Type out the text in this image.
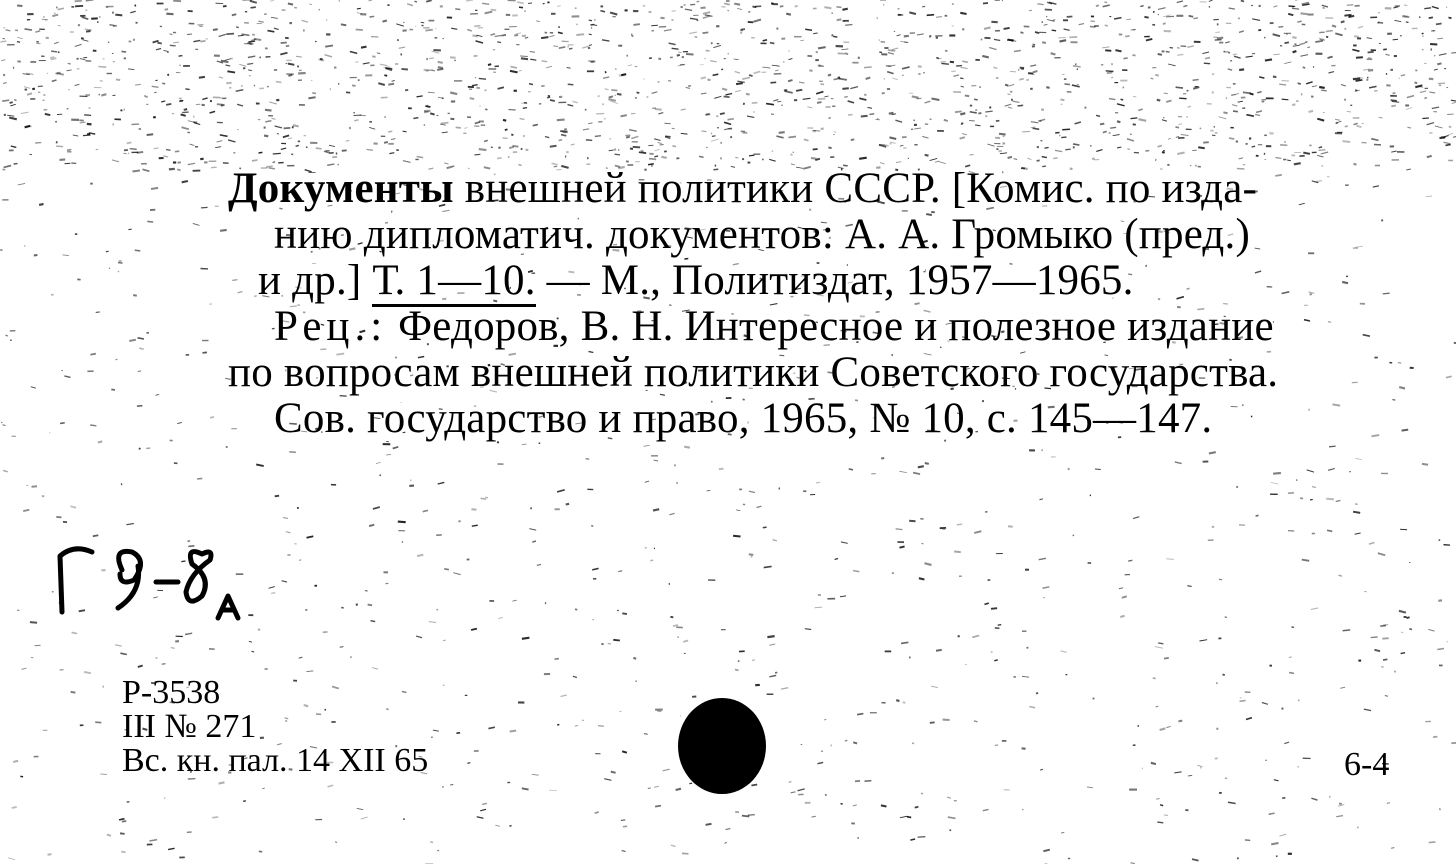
Документы внешней политики СССР. [Комис. по изда-
нию дипломатич. документов: А. А. Громыко (пред.)
и др.] Т. 1—10. — М., Политиздат, 1957—1965.
Рец.: Федоров, В. Н. Интересное и полезное издание
по вопросам внешней политики Советского государства.
Сов. государство и право, 1965, № 10, с. 145—147.
Р-3538
III № 271
Вс. кн. пал. 14 XII 65	6-4
